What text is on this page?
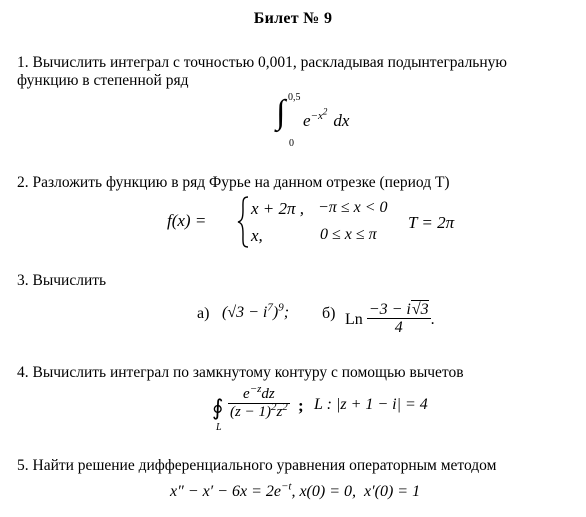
Билет № 9
1. Вычислить интеграл с точностью 0,001, раскладывая подынтегральную
функцию в степенной ряд
0,5
∫
0
$e^{-x^2}$ dx
2. Разложить функцию в ряд Фурье на данном отрезке (период T)
f(x) =
x + 2π , −π ≤ x < 0
x,	0 ≤ x ≤ π
T = 2π
3. Вычислить
а) $(√3 - i^7)^9$; б) Ln $\frac{-3 - i√3}{4}$ .
4. Вычислить интеграл по замкнутому контуру с помощью вычетов
∮
L
$\frac{e^{-z}dz}{(z - 1)^2z^2}$ ; L : |z + 1 − i| = 4
5. Найти решение дифференциального уравнения операторным методом
$x'' - x' - 6x = 2e^{-t}$, x(0) = 0, x′(0) = 1
